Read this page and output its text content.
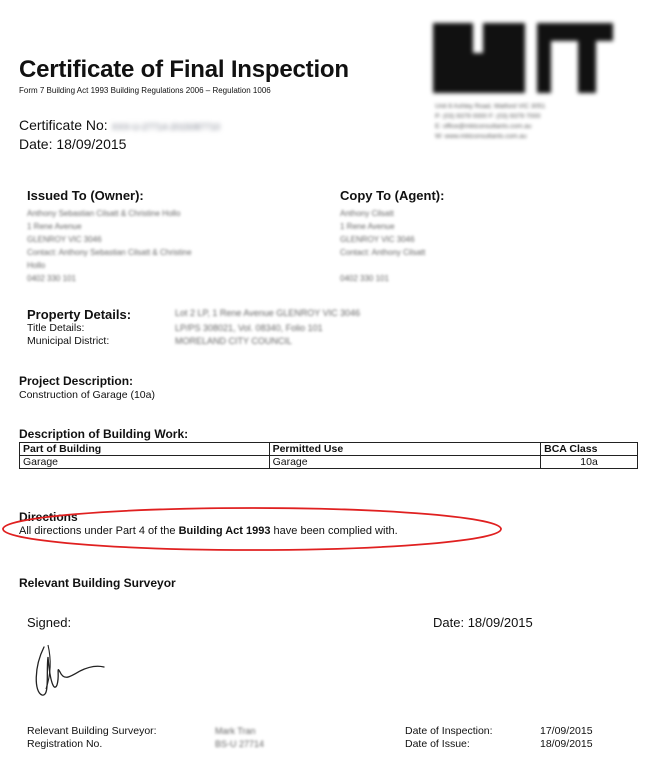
Certificate of Final Inspection
Form 7 Building Act 1993 Building Regulations 2006 – Regulation 1006
Certificate No: XXX-U-27714-2015087710
Date: 18/09/2015
Unit 8 Ashley Road, Watford VIC 3051
P: (03) 9379 0000 F: (03) 9379 7000
E: office@mktconsultants.com.au
W: www.mktconsultants.com.au
Issued To (Owner):
Anthony Sebastian Cilsatt & Christine Hollo
1 Rene Avenue
GLENROY VIC 3046
Contact: Anthony Sebastian Cilsatt & Christine
Hollo
0402 330 101
Copy To (Agent):
Anthony Cilsatt
1 Rene Avenue
GLENROY VIC 3046
Contact: Anthony Cilsatt
0402 330 101
Property Details:	Lot 2 LP, 1 Rene Avenue GLENROY VIC 3046
Title Details:	LP/PS 308021, Vol. 08340, Folio 101
Municipal District:	MORELAND CITY COUNCIL
Project Description:
Construction of Garage (10a)
Description of Building Work:
Part of Building	Permitted Use	BCA Class
Garage	Garage	10a
Directions
All directions under Part 4 of the Building Act 1993 have been complied with.
Relevant Building Surveyor
Signed:	Date: 18/09/2015
Relevant Building Surveyor:	Mark Tran
Registration No.	BS-U 27714
Date of Inspection:	17/09/2015
Date of Issue:	18/09/2015
